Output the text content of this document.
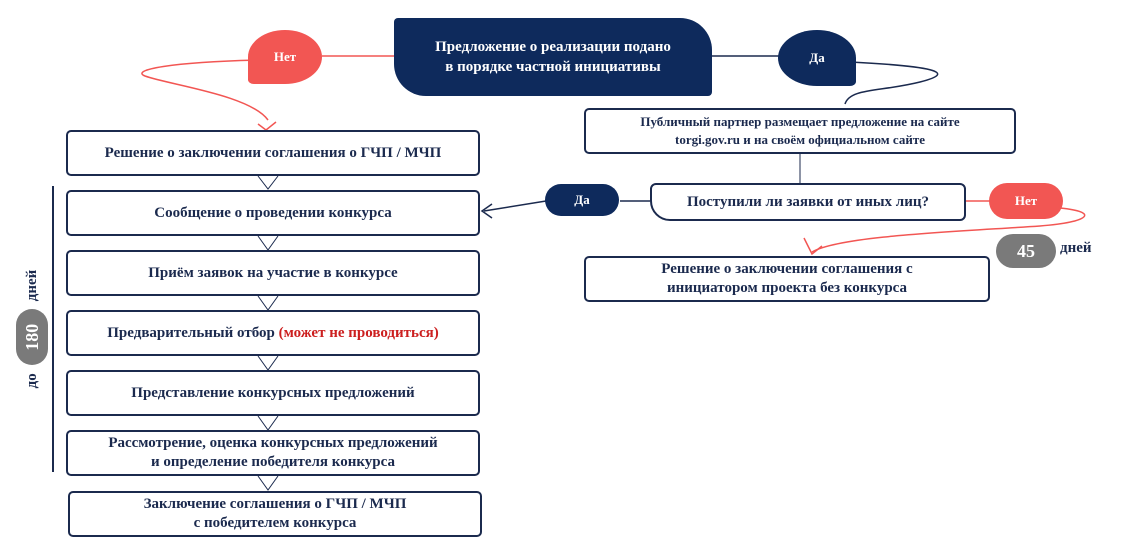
Предложение о реализации подано
в порядке частной инициативы
Нет	Да
Публичный партнер размещает предложение на сайте
torgi.gov.ru и на своём официальном сайте
Поступили ли заявки от иных лиц?
Да	Нет
45 дней
Решение о заключении соглашения с
инициатором проекта без конкурса
Решение о заключении соглашения о ГЧП / МЧП
Сообщение о проведении конкурса
Приём заявок на участие в конкурсе
Предварительный отбор (может не проводиться)
Представление конкурсных предложений
Рассмотрение, оценка конкурсных предложений
и определение победителя конкурса
Заключение соглашения о ГЧП / МЧП
с победителем конкурса
до
180
дней
